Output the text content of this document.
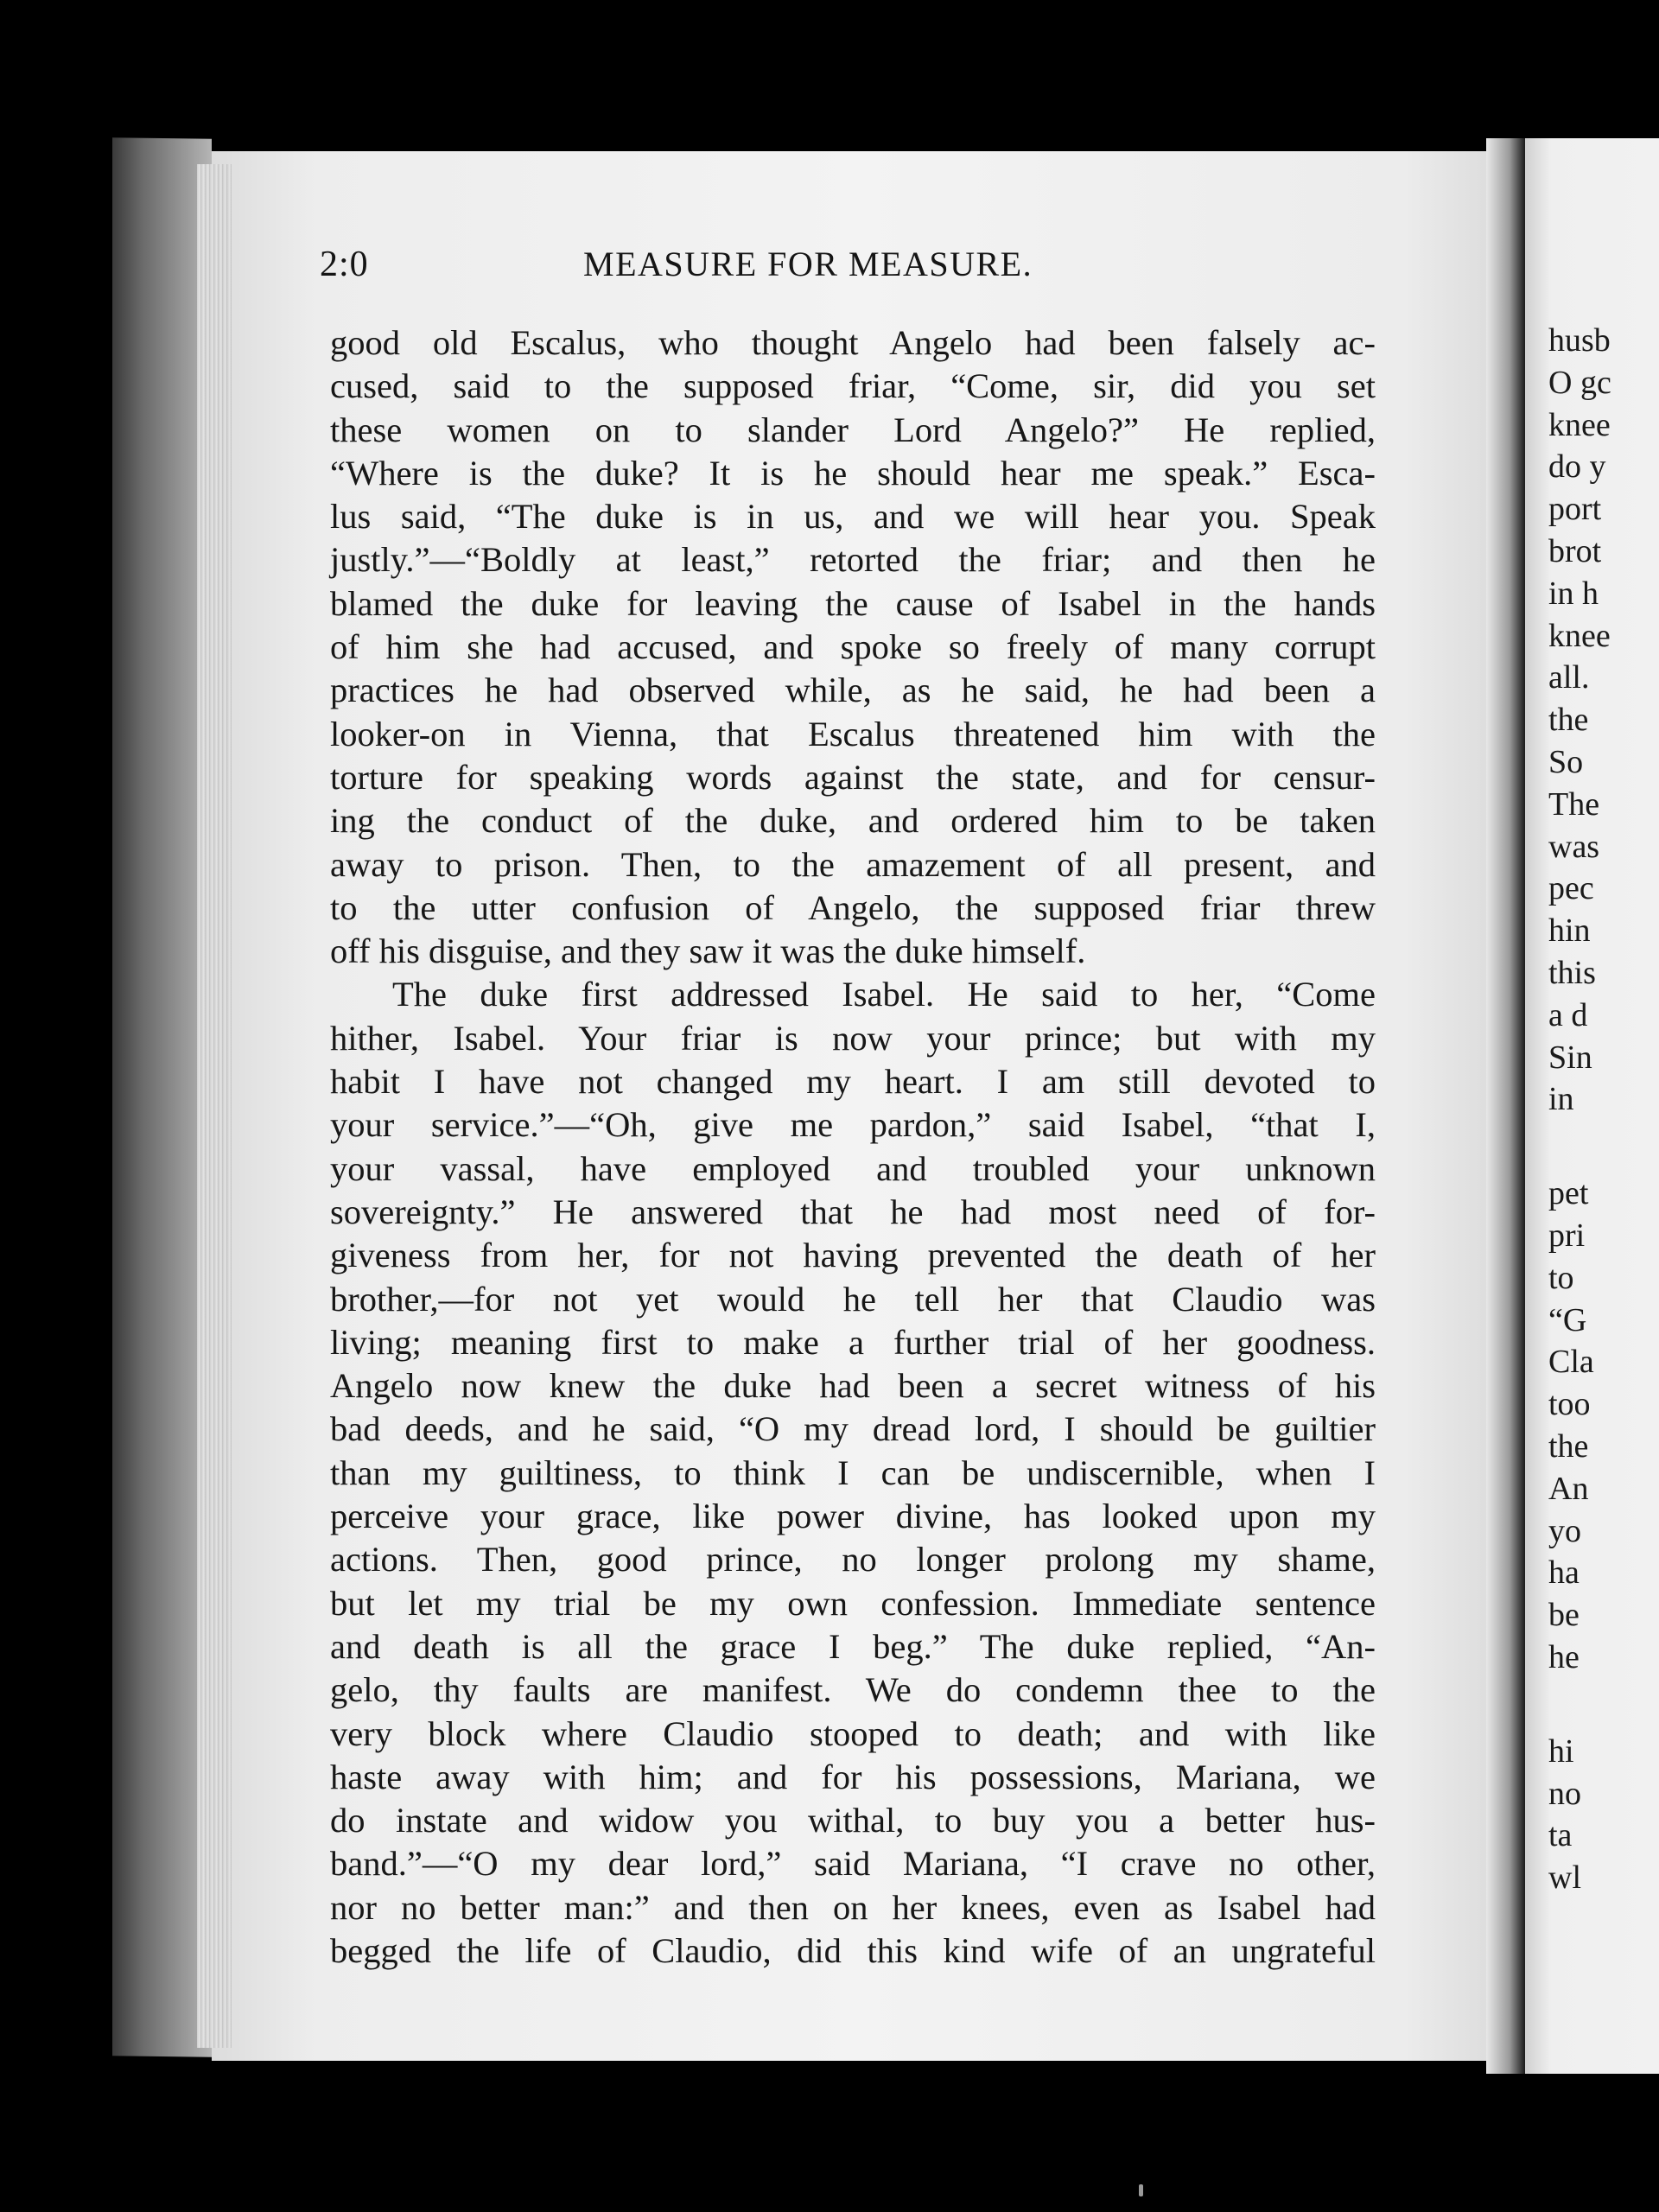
2:0	MEASURE FOR MEASURE.
good old Escalus, who thought Angelo had been falsely ac-
cused, said to the supposed friar, “Come, sir, did you set
these women on to slander Lord Angelo?” He replied,
“Where is the duke? It is he should hear me speak.” Esca-
lus said, “The duke is in us, and we will hear you. Speak
justly.”—“Boldly at least,” retorted the friar; and then he
blamed the duke for leaving the cause of Isabel in the hands
of him she had accused, and spoke so freely of many corrupt
practices he had observed while, as he said, he had been a
looker-on in Vienna, that Escalus threatened him with the
torture for speaking words against the state, and for censur-
ing the conduct of the duke, and ordered him to be taken
away to prison. Then, to the amazement of all present, and
to the utter confusion of Angelo, the supposed friar threw
off his disguise, and they saw it was the duke himself.
The duke first addressed Isabel. He said to her, “Come
hither, Isabel. Your friar is now your prince; but with my
habit I have not changed my heart. I am still devoted to
your service.”—“Oh, give me pardon,” said Isabel, “that I,
your vassal, have employed and troubled your unknown
sovereignty.” He answered that he had most need of for-
giveness from her, for not having prevented the death of her
brother,—for not yet would he tell her that Claudio was
living; meaning first to make a further trial of her goodness.
Angelo now knew the duke had been a secret witness of his
bad deeds, and he said, “O my dread lord, I should be guiltier
than my guiltiness, to think I can be undiscernible, when I
perceive your grace, like power divine, has looked upon my
actions. Then, good prince, no longer prolong my shame,
but let my trial be my own confession. Immediate sentence
and death is all the grace I beg.” The duke replied, “An-
gelo, thy faults are manifest. We do condemn thee to the
very block where Claudio stooped to death; and with like
haste away with him; and for his possessions, Mariana, we
do instate and widow you withal, to buy you a better hus-
band.”—“O my dear lord,” said Mariana, “I crave no other,
nor no better man:” and then on her knees, even as Isabel had
begged the life of Claudio, did this kind wife of an ungrateful
husb
O gc
knee
do y
port
brot
in h
knee
all.
the
So
The
was
pec
hin
this
a d
Sin
in
pet
pri
to
“G
Cla
too
the
An
yo
ha
be
he
hi
no
ta
wl
